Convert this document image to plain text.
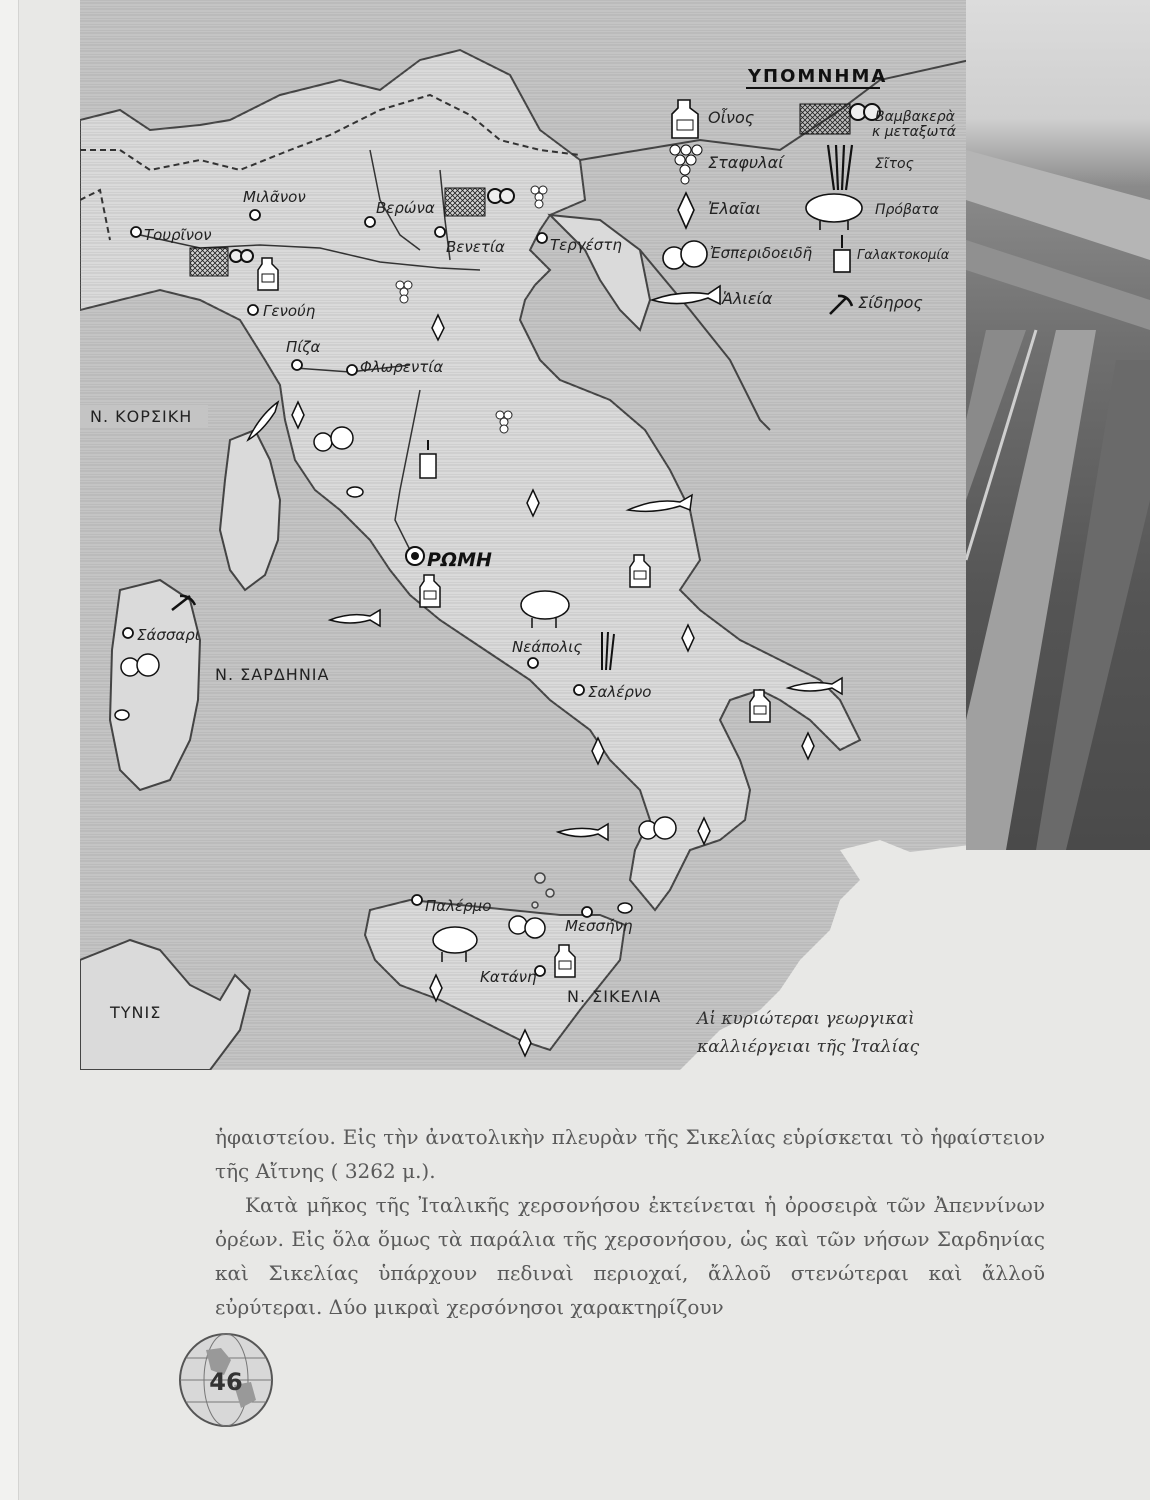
Μιλᾶνον
Τουρῖνον
Βερώνα
Βενετία	Τεργέστη
Γενούη
Πίζα
Φλωρεντία
Σάσσαρι
Νεάπολις
Σαλέρνο
Παλέρμο
Μεσσήνη
Κατάνη
ΡΩΜΗ
Ν. ΚΟΡΣΙΚΗ
Ν. ΣΑΡΔΗΝΙΑ
Ν. ΣΙΚΕΛΙΑ
ΤΥΝΙΣ
ΥΠΟΜΝΗΜΑ
Οἶνος	Βαμβακερὰ
κ μεταξωτά
Σταφυλαί	Σῖτος
Ἐλαῖαι	Πρόβατα
Ἐσπεριδοειδῆ	Γαλακτοκομία
Ἁλιεία	Σίδηρος
Αἱ κυριώτεραι γεωργικαὶ
καλλιέργειαι τῆς Ἰταλίας

ἡφαιστείου. Εἰς τὴν ἀνατολικὴν πλευρὰν τῆς Σικελίας εὑρίσκεται τὸ ἡφαίστειον τῆς Αἴτνης ( 3262 μ.).

Κατὰ μῆκος τῆς Ἰταλικῆς χερσονήσου ἐκτείνεται ἡ ὀροσειρὰ τῶν Ἀπεννίνων ὀρέων. Εἰς ὅλα ὅμως τὰ παράλια τῆς χερσονήσου, ὡς καὶ τῶν νήσων Σαρδηνίας καὶ Σικελίας ὑπάρχουν πεδιναὶ περιοχαί, ἄλλοῦ στενώτεραι καὶ ἄλλοῦ εὐρύτεραι. Δύο μικραὶ χερσόνησοι χαρακτηρίζουν

46
